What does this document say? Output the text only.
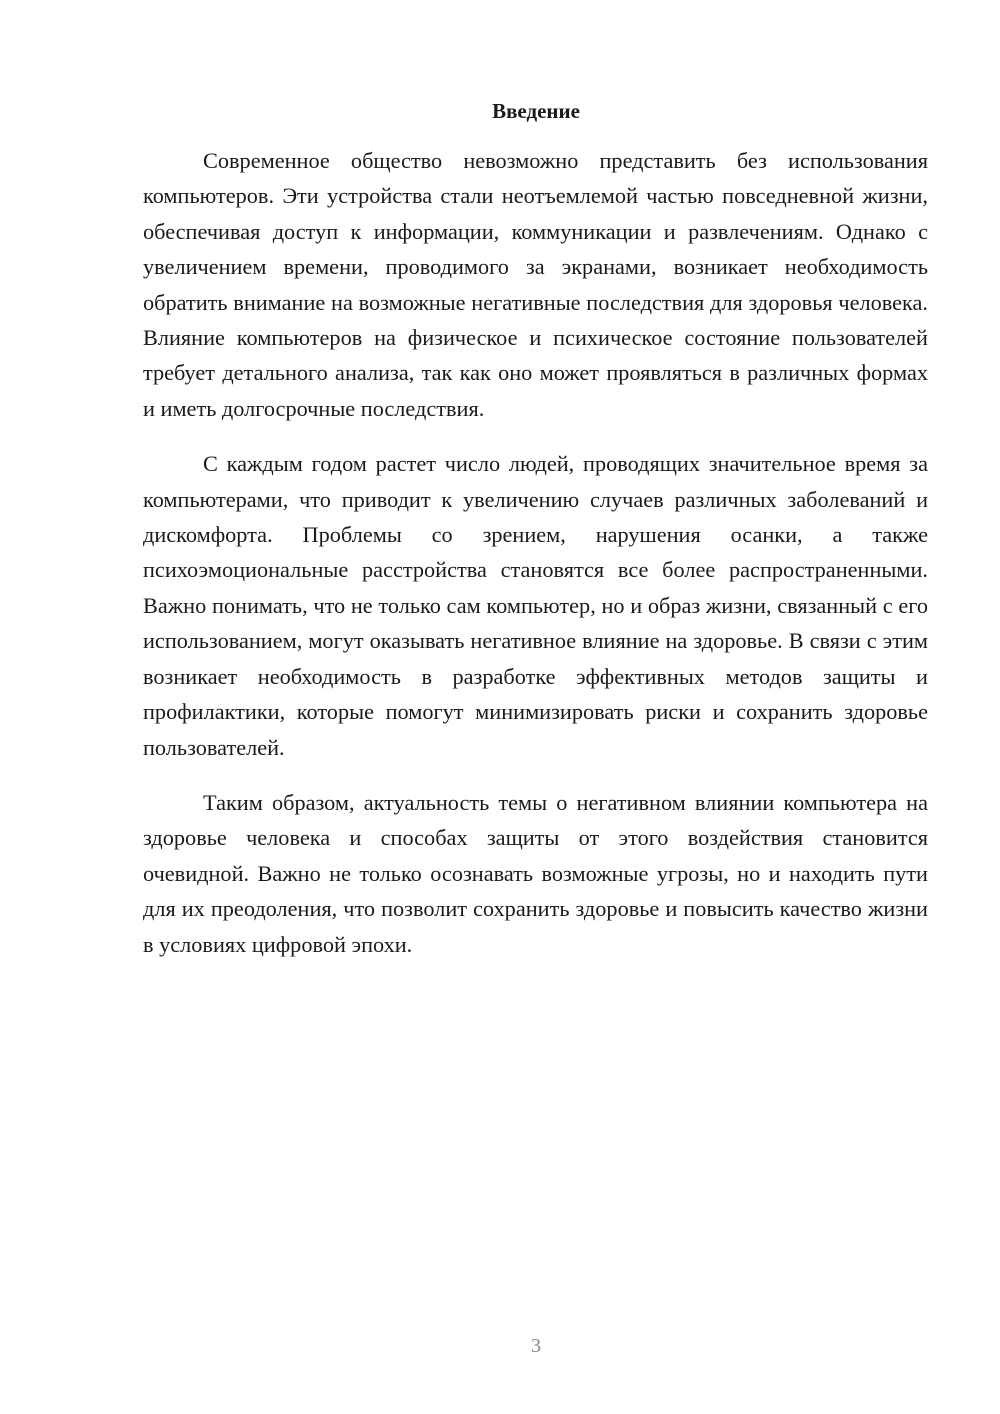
Введение

Современное общество невозможно представить без использования компьютеров. Эти устройства стали неотъемлемой частью повседневной жизни, обеспечивая доступ к информации, коммуникации и развлечениям. Однако с увеличением времени, проводимого за экранами, возникает необходимость обратить внимание на возможные негативные последствия для здоровья человека. Влияние компьютеров на физическое и психическое состояние пользователей требует детального анализа, так как оно может проявляться в различных формах и иметь долгосрочные последствия.

С каждым годом растет число людей, проводящих значительное время за компьютерами, что приводит к увеличению случаев различных заболеваний и дискомфорта. Проблемы со зрением, нарушения осанки, а также психоэмоциональные расстройства становятся все более распространенными. Важно понимать, что не только сам компьютер, но и образ жизни, связанный с его использованием, могут оказывать негативное влияние на здоровье. В связи с этим возникает необходимость в разработке эффективных методов защиты и профилактики, которые помогут минимизировать риски и сохранить здоровье пользователей.

Таким образом, актуальность темы о негативном влиянии компьютера на здоровье человека и способах защиты от этого воздействия становится очевидной. Важно не только осознавать возможные угрозы, но и находить пути для их преодоления, что позволит сохранить здоровье и повысить качество жизни в условиях цифровой эпохи.

3
